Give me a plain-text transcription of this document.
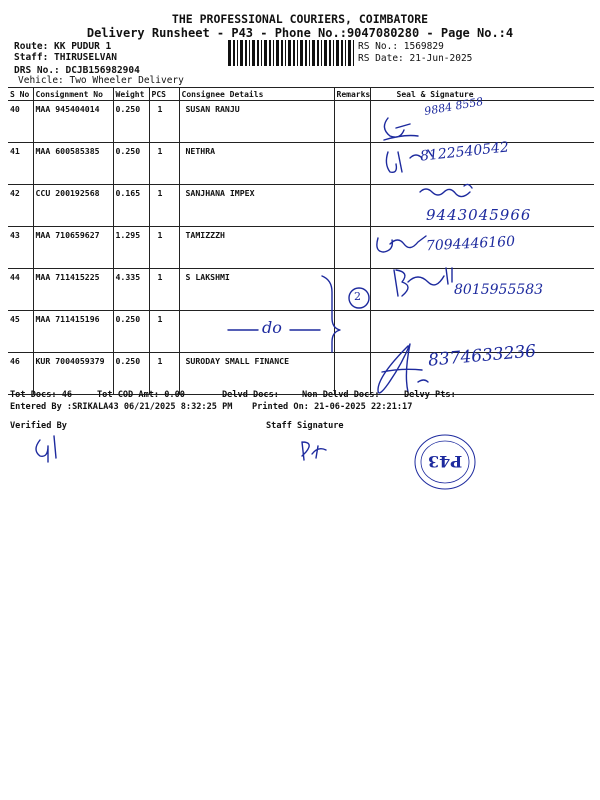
THE PROFESSIONAL COURIERS, COIMBATORE
Delivery Runsheet - P43 - Phone No.:9047080280 - Page No.:4
Route: KK PUDUR 1
Staff: THIRUSELVAN
DRS No.: DCJB156982904
Vehicle: Two Wheeler Delivery
RS No.: 1569829
RS Date: 21-Jun-2025
S No	Consignment No	Weight	PCS	Consignee Details	Remarks	Seal & Signature
40	MAA 945404014	0.250	1	SUSAN RANJU		
41	MAA 600585385	0.250	1	NETHRA		
42	CCU 200192568	0.165	1	SANJHANA IMPEX		
43	MAA 710659627	1.295	1	TAMIZZZH		
44	MAA 711415225	4.335	1	S LAKSHMI		
45	MAA 711415196	0.250	1			
46	KUR 7004059379	0.250	1	SURODAY SMALL FINANCE		
9884 8558
8122540542
9443045966
7094446160
8015955583
8374633236
do
2
P43
Tot Docs: 46	Tot COD Amt: 0.00	Delvd Docs:	Non Delvd Docs:	Delvy Pts:
Entered By :SRIKALA43 06/21/2025 8:32:25 PM Printed On: 21-06-2025 22:21:17
Verified By	Staff Signature
